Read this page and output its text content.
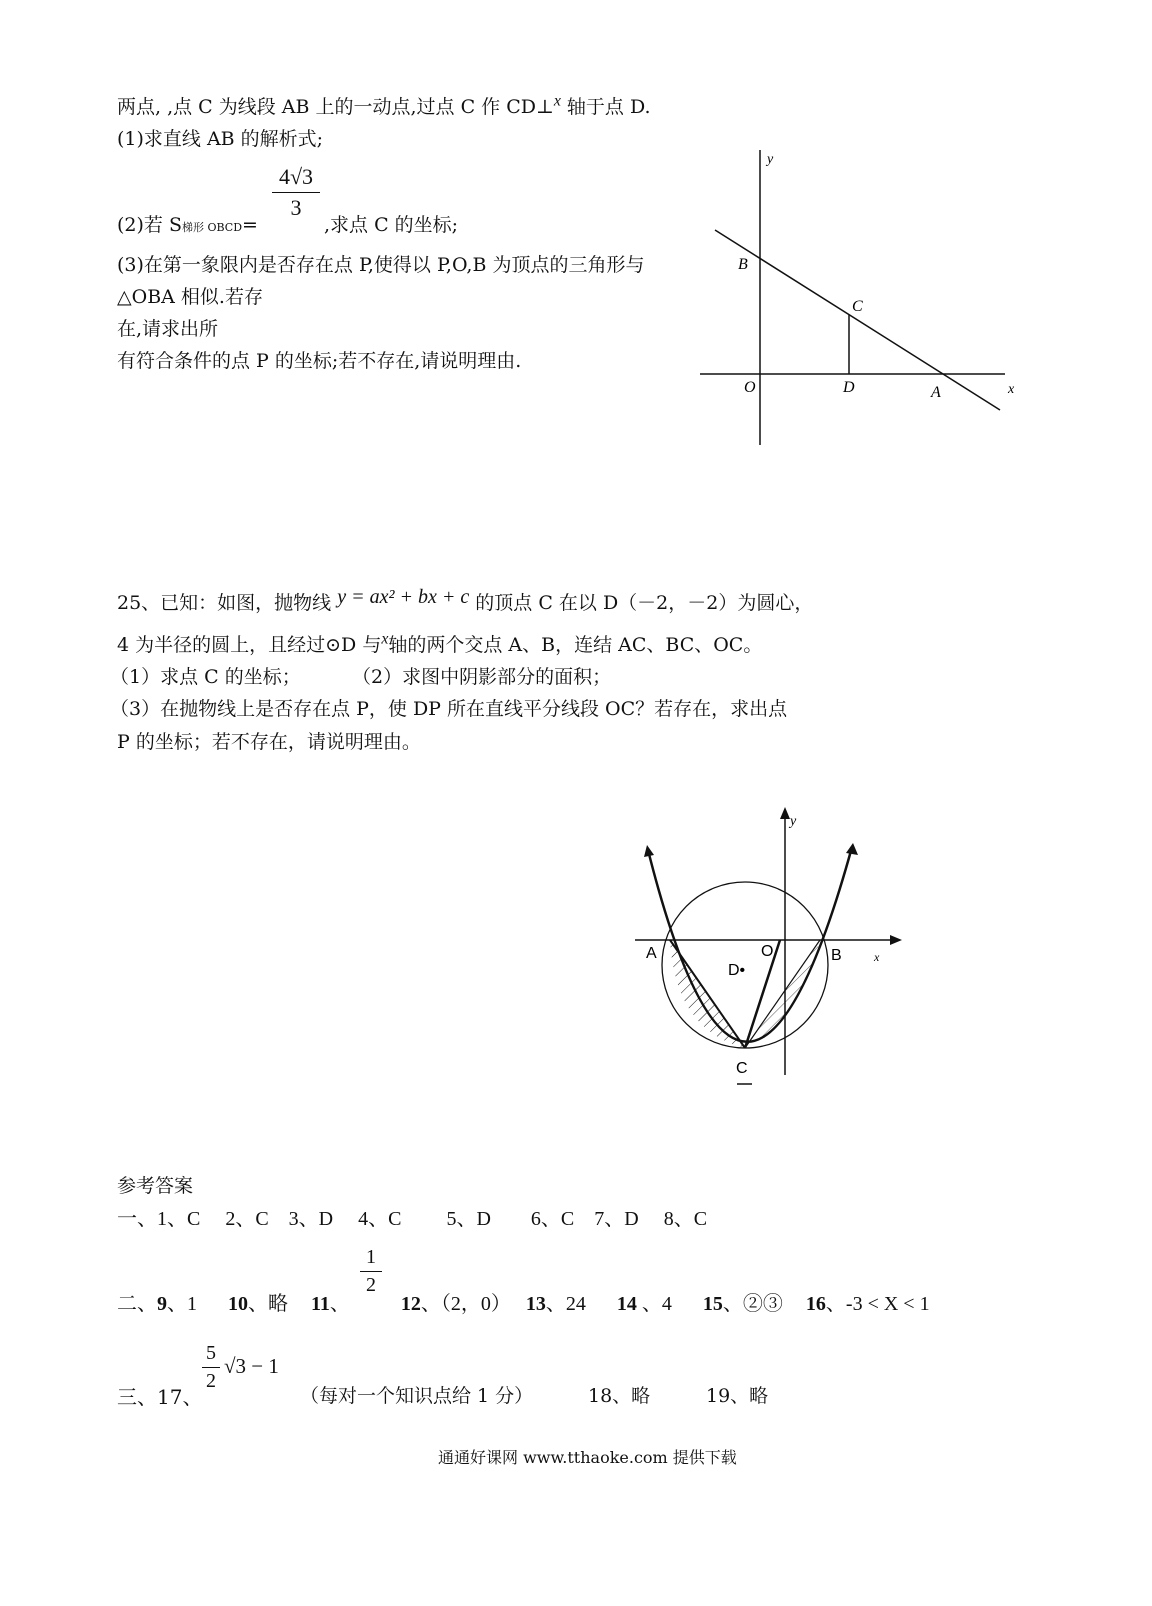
两点, ,点 C 为线段 AB 上的一动点,过点 C 作 CD⊥$^x$ 轴于点 D.
(1)求直线 AB 的解析式;
(2)若 S梯形 OBCD=
4√3
3
,求点 C 的坐标;
(3)在第一象限内是否存在点 P,使得以 P,O,B 为顶点的三角形与
△OBA 相似.若存
在,请求出所
有符合条件的点 P 的坐标;若不存在,请说明理由.
y
x
B
C
O	D	A
25、已知：如图，抛物线 y = ax² + bx + c 的顶点 C 在以 D（－2，－2）为圆心，
4 为半径的圆上，且经过⊙D 与$^x$轴的两个交点 A、B，连结 AC、BC、OC。
（1）求点 C 的坐标；	（2）求图中阴影部分的面积；
（3）在抛物线上是否存在点 P，使 DP 所在直线平分线段 OC？若存在，求出点
P 的坐标；若不存在，请说明理由。
y
x
A	O	B
D•
C
参考答案
一、1、C　 2、C　3、D　 4、C　　 5、D　　6、C　7、D　 8、C
二、9、1 10、略 11、	12、（2，0） 13、24 14 、4 15、②③ 16、-3 < X < 1
1
2
三、17、
5
2
√3 − 1
（每对一个知识点给 1 分）	18、略	19、略
通通好课网 www.tthaoke.com 提供下载
